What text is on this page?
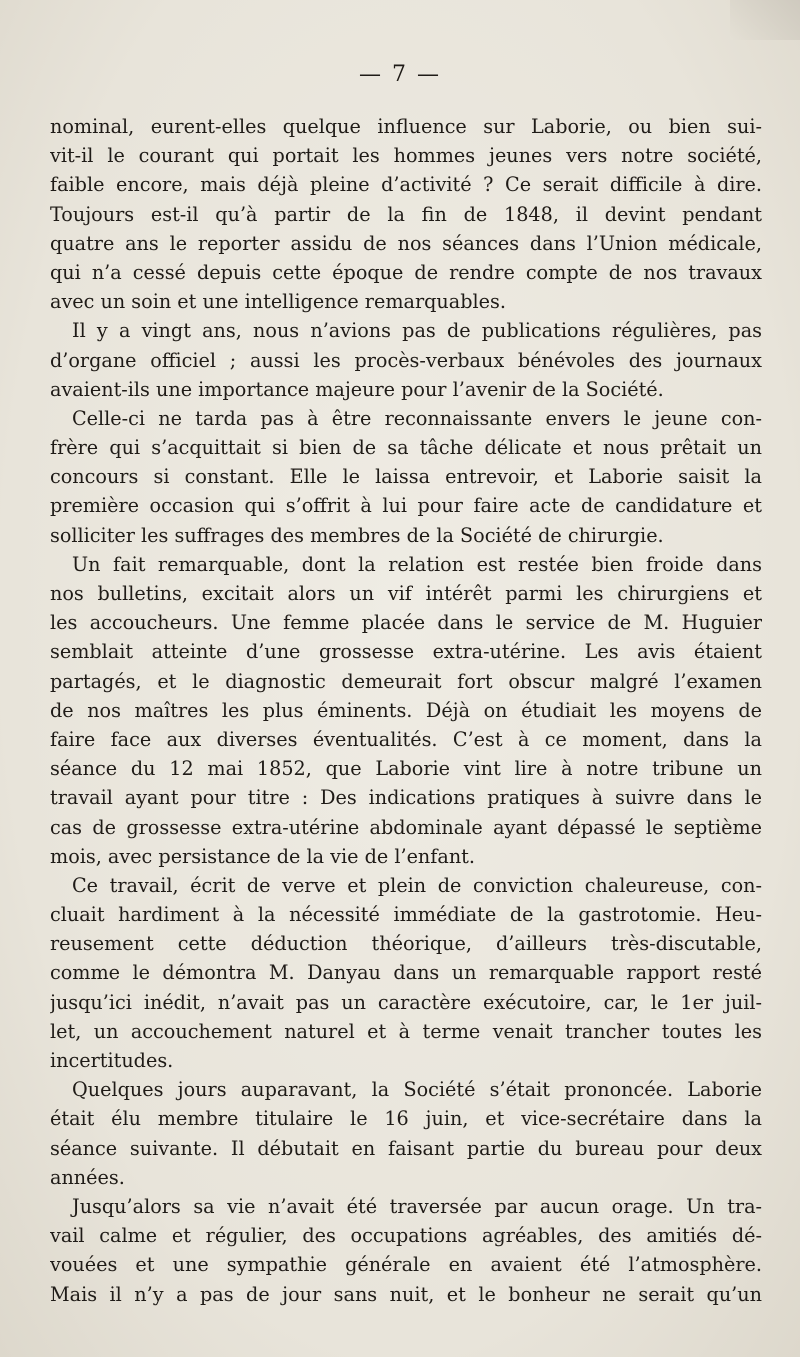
— 7 —
nominal, eurent-elles quelque influence sur Laborie, ou bien sui-
vit-il le courant qui portait les hommes jeunes vers notre société,
faible encore, mais déjà pleine d’activité ? Ce serait difficile à dire.
Toujours est-il qu’à partir de la fin de 1848, il devint pendant
quatre ans le reporter assidu de nos séances dans l’Union médicale,
qui n’a cessé depuis cette époque de rendre compte de nos travaux
avec un soin et une intelligence remarquables.
Il y a vingt ans, nous n’avions pas de publications régulières, pas
d’organe officiel ; aussi les procès-verbaux bénévoles des journaux
avaient-ils une importance majeure pour l’avenir de la Société.
Celle-ci ne tarda pas à être reconnaissante envers le jeune con-
frère qui s’acquittait si bien de sa tâche délicate et nous prêtait un
concours si constant. Elle le laissa entrevoir, et Laborie saisit la
première occasion qui s’offrit à lui pour faire acte de candidature et
solliciter les suffrages des membres de la Société de chirurgie.
Un fait remarquable, dont la relation est restée bien froide dans
nos bulletins, excitait alors un vif intérêt parmi les chirurgiens et
les accoucheurs. Une femme placée dans le service de M. Huguier
semblait atteinte d’une grossesse extra-utérine. Les avis étaient
partagés, et le diagnostic demeurait fort obscur malgré l’examen
de nos maîtres les plus éminents. Déjà on étudiait les moyens de
faire face aux diverses éventualités. C’est à ce moment, dans la
séance du 12 mai 1852, que Laborie vint lire à notre tribune un
travail ayant pour titre : Des indications pratiques à suivre dans le
cas de grossesse extra-utérine abdominale ayant dépassé le septième
mois, avec persistance de la vie de l’enfant.
Ce travail, écrit de verve et plein de conviction chaleureuse, con-
cluait hardiment à la nécessité immédiate de la gastrotomie. Heu-
reusement cette déduction théorique, d’ailleurs très-discutable,
comme le démontra M. Danyau dans un remarquable rapport resté
jusqu’ici inédit, n’avait pas un caractère exécutoire, car, le 1er juil-
let, un accouchement naturel et à terme venait trancher toutes les
incertitudes.
Quelques jours auparavant, la Société s’était prononcée. Laborie
était élu membre titulaire le 16 juin, et vice-secrétaire dans la
séance suivante. Il débutait en faisant partie du bureau pour deux
années.
Jusqu’alors sa vie n’avait été traversée par aucun orage. Un tra-
vail calme et régulier, des occupations agréables, des amitiés dé-
vouées et une sympathie générale en avaient été l’atmosphère.
Mais il n’y a pas de jour sans nuit, et le bonheur ne serait qu’un
